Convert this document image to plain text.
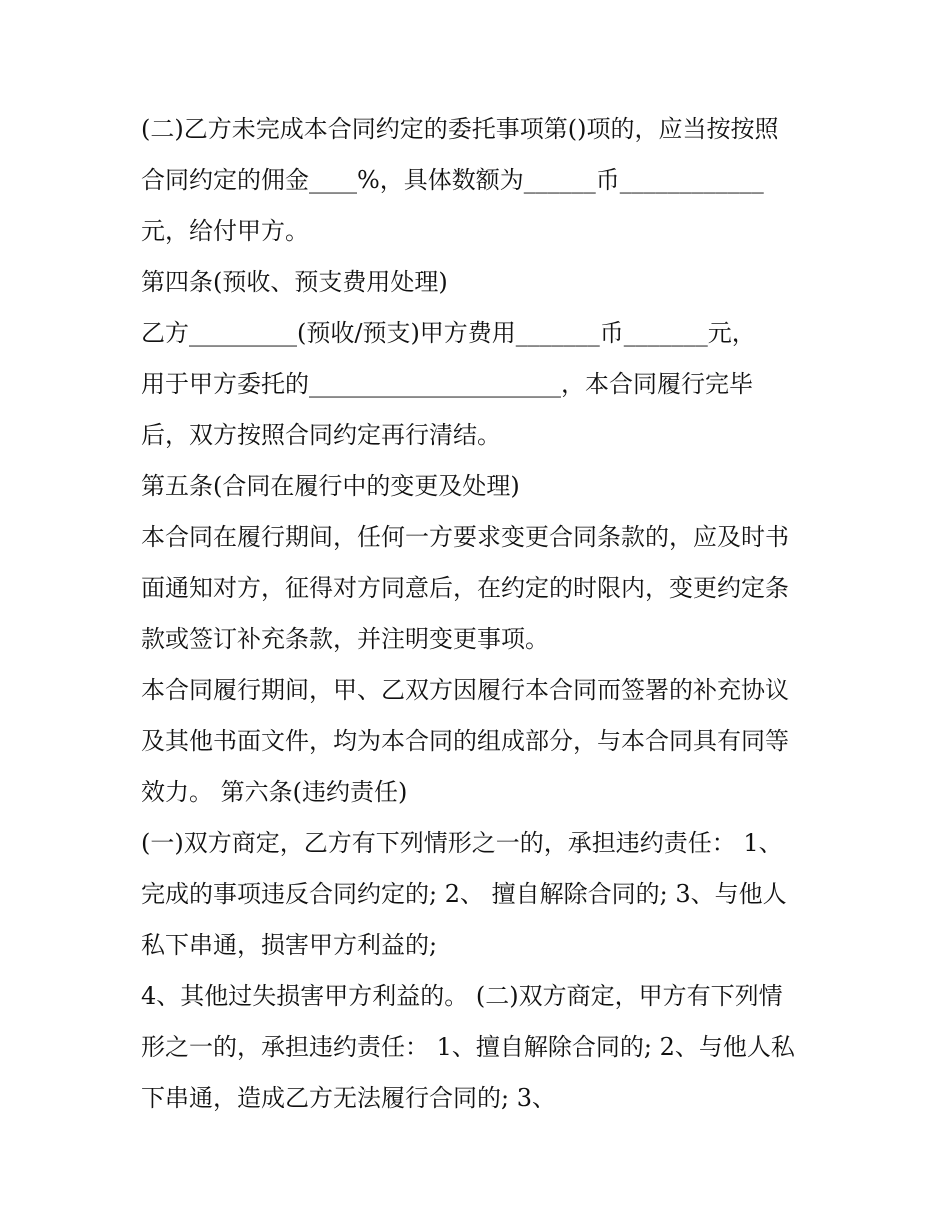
(二)乙方未完成本合同约定的委托事项第()项的，应当按按照

合同约定的佣金____%，具体数额为______币____________

元，给付甲方。

第四条(预收、预支费用处理)

乙方_________(预收/预支)甲方费用_______币_______元，

用于甲方委托的_____________________，本合同履行完毕

后，双方按照合同约定再行清结。

第五条(合同在履行中的变更及处理)

本合同在履行期间，任何一方要求变更合同条款的，应及时书

面通知对方，征得对方同意后，在约定的时限内，变更约定条

款或签订补充条款，并注明变更事项。

本合同履行期间，甲、乙双方因履行本合同而签署的补充协议

及其他书面文件，均为本合同的组成部分，与本合同具有同等

效力。 第六条(违约责任)

(一)双方商定，乙方有下列情形之一的，承担违约责任： 1、

完成的事项违反合同约定的; 2、 擅自解除合同的; 3、与他人

私下串通，损害甲方利益的;

4、其他过失损害甲方利益的。 (二)双方商定，甲方有下列情

形之一的，承担违约责任： 1、擅自解除合同的; 2、与他人私

下串通，造成乙方无法履行合同的; 3、
